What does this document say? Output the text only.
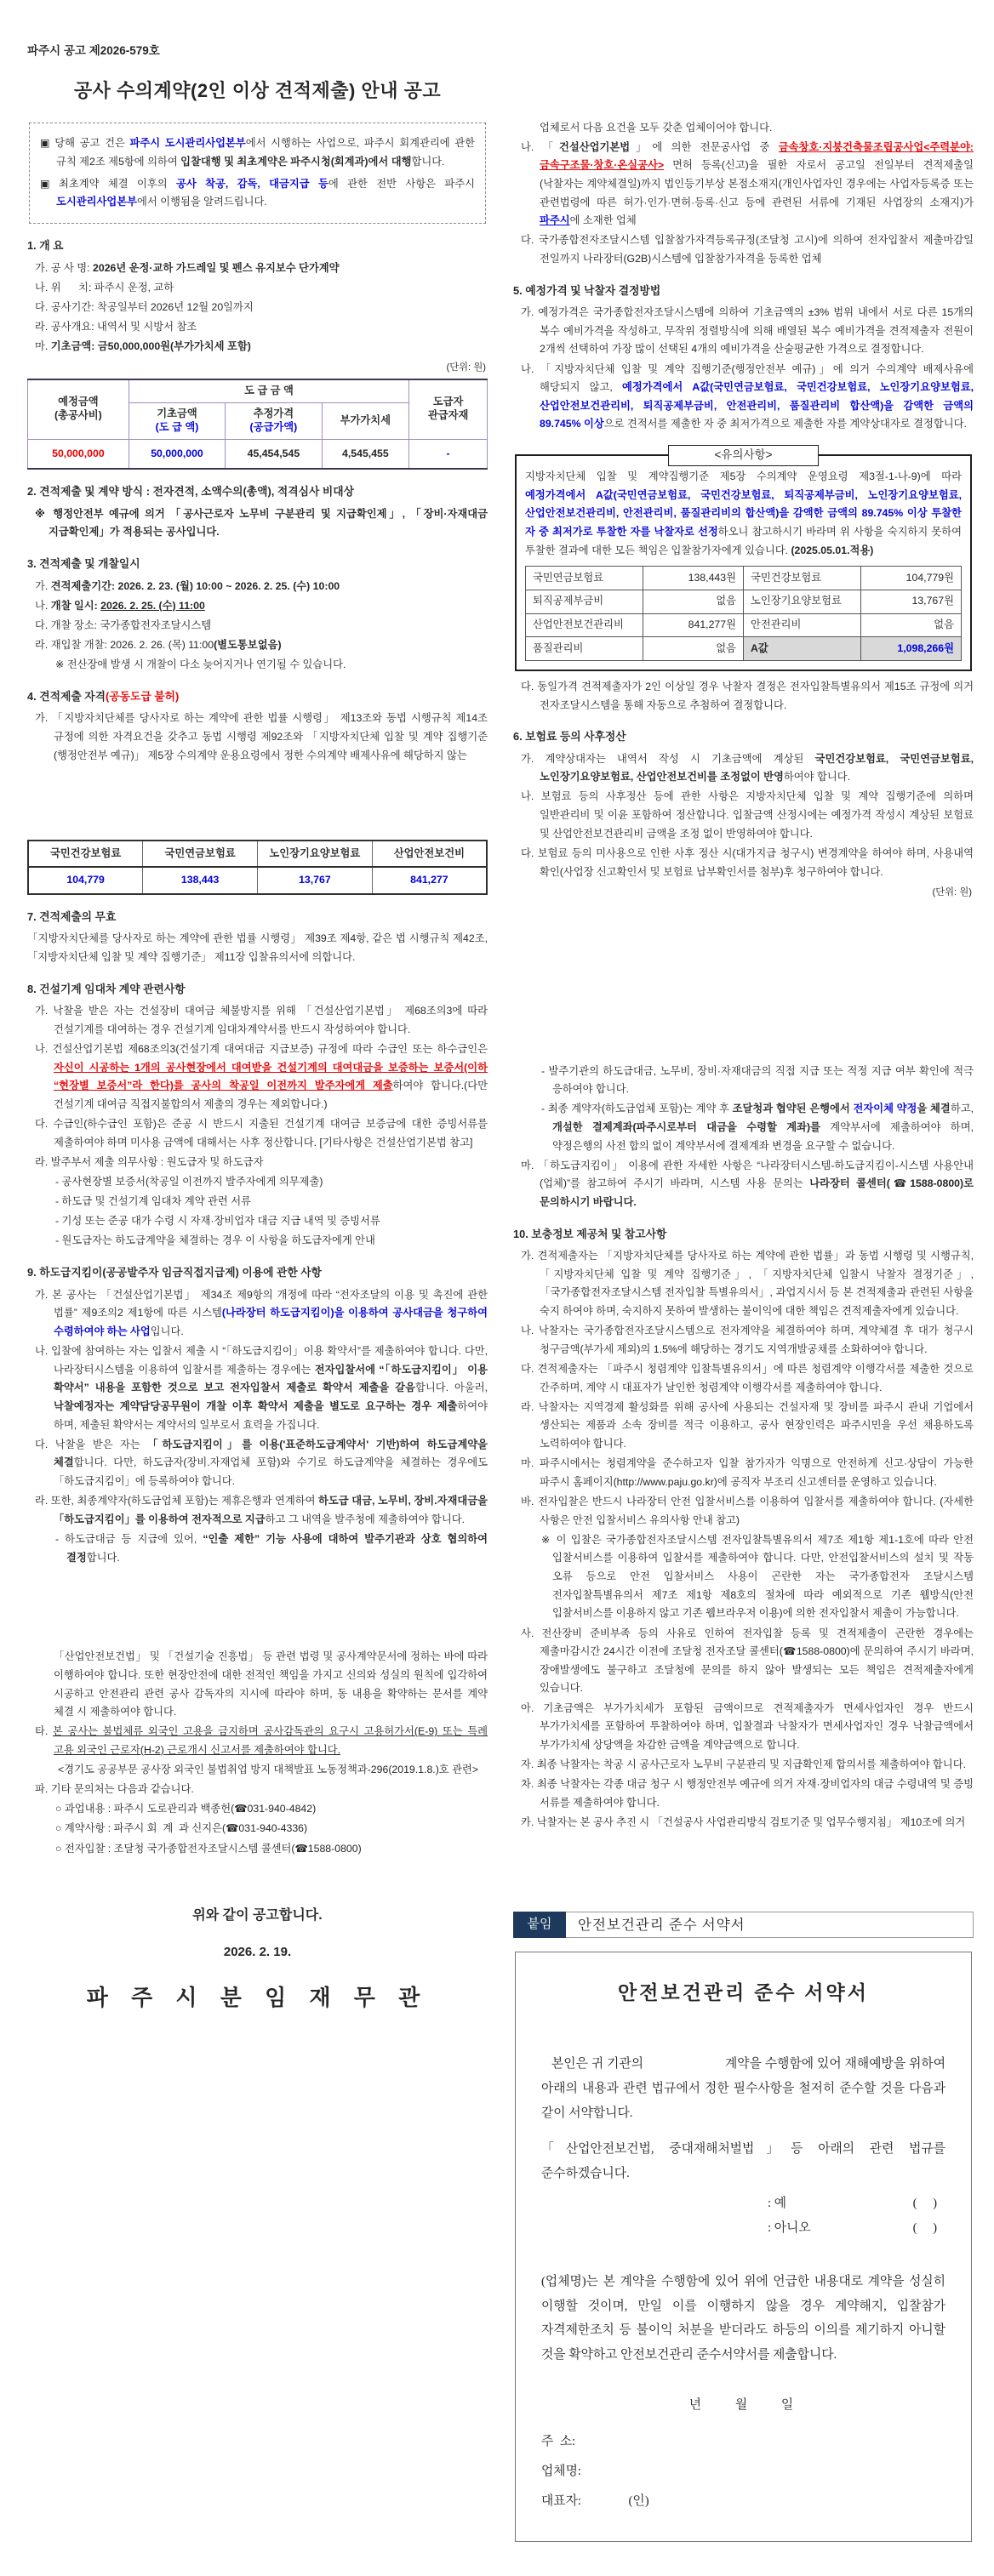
파주시 공고 제2026-579호
공사 수의계약(2인 이상 견적제출) 안내 공고
▣ 당해 공고 건은 파주시 도시관리사업본부에서 시행하는 사업으로, 파주시 회계관리에 관한 규칙 제2조 제5항에 의하여 입찰대행 및 최초계약은 파주시청(회계과)에서 대행합니다.
▣ 최초계약 체결 이후의 공사 착공, 감독, 대금지급 등에 관한 전반 사항은 파주시 도시관리사업본부에서 이행됨을 알려드립니다.
1. 개 요
가. 공 사 명: 2026년 운정·교하 가드레일 및 펜스 유지보수 단가계약
나. 위      치: 파주시 운정, 교하
다. 공사기간: 착공일부터 2026년 12월 20일까지
라. 공사개요: 내역서 및 시방서 참조
마. 기초금액: 금50,000,000원(부가가치세 포함)
(단위: 원)
예정금액
(총공사비)	도 급 금 액			도급자
관급자재

	기초금액
(도 급 액)	추정가격
(공급가액)	부가가치세	
50,000,000	50,000,000	45,454,545	4,545,455	-
2. 견적제출 및 계약 방식 : 전자견적, 소액수의(총액), 적격심사 비대상
※ 행정안전부 예규에 의거 「공사근로자 노무비 구분관리 및 지급확인제」, 「장비·자재대금 지급확인제」가 적용되는 공사입니다.
3. 견적제출 및 개찰일시
가. 견적제출기간: 2026. 2. 23. (월) 10:00 ~ 2026. 2. 25. (수) 10:00
나. 개찰 일시: 2026. 2. 25. (수) 11:00
다. 개찰 장소: 국가종합전자조달시스템
라. 재입찰 개찰: 2026. 2. 26. (목) 11:00(별도통보없음)
※ 전산장애 발생 시 개찰이 다소 늦어지거나 연기될 수 있습니다.
4. 견적제출 자격(공동도급 불허)
가. 「지방자치단체를 당사자로 하는 계약에 관한 법률 시행령」 제13조와 동법 시행규칙 제14조 규정에 의한 자격요건을 갖추고 동법 시행령 제92조와 「지방자치단체 입찰 및 계약 집행기준 (행정안전부 예규)」 제5장 수의계약 운용요령에서 정한 수의계약 배제사유에 해당하지 않는
국민건강보험료	국민연금보험료	노인장기요양보험료	산업안전보건비
104,779	138,443	13,767	841,277
7. 견적제출의 무효
「지방자치단체를 당사자로 하는 계약에 관한 법률 시행령」 제39조 제4항, 같은 법 시행규칙 제42조, 「지방자치단체 입찰 및 계약 집행기준」 제11장 입찰유의서에 의합니다.
8. 건설기계 임대차 계약 관련사항
가. 낙찰을 받은 자는 건설장비 대여금 체불방지를 위해 「건설산업기본법」 제68조의3에 따라 건설기계를 대여하는 경우 건설기계 임대차계약서를 반드시 작성하여야 합니다.
나. 건설산업기본법 제68조의3(건설기계 대여대금 지급보증) 규정에 따라 수급인 또는 하수급인은 자신이 시공하는 1개의 공사현장에서 대여받을 건설기계의 대여대금을 보증하는 보증서(이하 “현장별 보증서”라 한다)를 공사의 착공일 이전까지 발주자에게 제출하여야 합니다.(다만 건설기계 대여금 직접지불합의서 제출의 경우는 제외합니다.)
다. 수급인(하수급인 포함)은 준공 시 반드시 지출된 건설기계 대여금 보증금에 대한 증빙서류를 제출하여야 하며 미사용 금액에 대해서는 사후 정산합니다. [기타사항은 건설산업기본법 참고]
라. 발주부서 제출 의무사항 : 원도급자 및 하도급자
- 공사현장별 보증서(착공일 이전까지 발주자에게 의무제출)
- 하도급 및 건설기계 임대차 계약 관련 서류
- 기성 또는 준공 대가 수령 시 자재·장비업자 대금 지급 내역 및 증빙서류
- 원도급자는 하도급계약을 체결하는 경우 이 사항을 하도급자에게 안내
9. 하도급지킴이(공공발주자 임금직접지급제) 이용에 관한 사항
가. 본 공사는 「건설산업기본법」 제34조 제9항의 개정에 따라 “전자조달의 이용 및 촉진에 관한 법률” 제9조의2 제1항에 따른 시스템(나라장터 하도급지킴이)을 이용하여 공사대금을 청구하여 수령하여야 하는 사업입니다.
나. 입찰에 참여하는 자는 입찰서 제출 시 “「하도급지킴이」이용 확약서”를 제출하여야 합니다. 다만, 나라장터시스템을 이용하여 입찰서를 제출하는 경우에는 전자입찰서에 “「하도급지킴이」 이용 확약서” 내용을 포함한 것으로 보고 전자입찰서 제출로 확약서 제출을 갈음합니다. 아울러, 낙찰예정자는 계약담당공무원이 개찰 이후 확약서 제출을 별도로 요구하는 경우 제출하여야 하며, 제출된 확약서는 계약서의 일부로서 효력을 가집니다.
다. 낙찰을 받은 자는 「하도급지킴이」를 이용('표준하도급계약서' 기반)하여 하도급계약을 체결합니다. 다만, 하도급자(장비.자재업체 포함)와 수기로 하도급계약을 체결하는 경우에도 「하도급지킴이」에 등록하여야 합니다.
라. 또한, 최종계약자(하도급업체 포함)는 제휴은행과 연계하여 하도급 대금, 노무비, 장비.자재대금을 「하도급지킴이」를 이용하여 전자적으로 지급하고 그 내역을 발주청에 제출하여야 합니다.
- 하도급대금 등 지급에 있어, “인출 제한” 기능 사용에 대하여 발주기관과 상호 협의하여 결정합니다.
「산업안전보건법」 및 「건설기술 진흥법」 등 관련 법령 및 공사계약문서에 정하는 바에 따라 이행하여야 합니다. 또한 현장안전에 대한 전적인 책임을 가지고 신의와 성실의 원칙에 입각하여 시공하고 안전관리 관련 공사 감독자의 지시에 따라야 하며, 동 내용을 확약하는 문서를 계약 체결 시 제출하여야 합니다.
타. 본 공사는 불법체류 외국인 고용을 금지하며 공사감독관의 요구시 고용허가서(E-9) 또는 특례 고용 외국인 근로자(H-2) 근로개시 신고서를 제출하여야 합니다.
<경기도 공공부문 공사장 외국인 불법취업 방지 대책발표 노동정책과-296(2019.1.8.)호 관련>
파. 기타 문의처는 다음과 같습니다.
○ 과업내용 : 파주시 도로관리과 백종헌(☎031-940-4842)
○ 계약사항 : 파주시 회  계  과 신지은(☎031-940-4336)
○ 전자입찰 : 조달청 국가종합전자조달시스템 콜센터(☎1588-0800)
위와 같이 공고합니다.
2026. 2. 19.
파 주 시 분 임 재 무 관
업체로서 다음 요건을 모두 갖춘 업체이어야 합니다.
나. 「건설산업기본법」에 의한 전문공사업 중 금속창호·지붕건축물조립공사업<주력분야: 금속구조물·창호·온실공사> 면허 등록(신고)을 필한 자로서 공고일 전일부터 견적제출일(낙찰자는 계약체결일)까지 법인등기부상 본점소재지(개인사업자인 경우에는 사업자등록증 또는 관련법령에 따른 허가·인가·면허·등록·신고 등에 관련된 서류에 기재된 사업장의 소재지)가 파주시에 소재한 업체
다. 국가종합전자조달시스템 입찰참가자격등록규정(조달청 고시)에 의하여 전자입찰서 제출마감일 전일까지 나라장터(G2B)시스템에 입찰참가자격을 등록한 업체
5. 예정가격 및 낙찰자 결정방법
가. 예정가격은 국가종합전자조달시스템에 의하여 기초금액의 ±3% 범위 내에서 서로 다른 15개의 복수 예비가격을 작성하고, 무작위 정렬방식에 의해 배열된 복수 예비가격을 견적제출자 전원이 2개씩 선택하여 가장 많이 선택된 4개의 예비가격을 산술평균한 가격으로 결정합니다.
나. 「지방자치단체 입찰 및 계약 집행기준(행정안전부 예규)」에 의거 수의계약 배제사유에 해당되지 않고, 예정가격에서 A값(국민연금보험료, 국민건강보험료, 노인장기요양보험료, 산업안전보건관리비, 퇴직공제부금비, 안전관리비, 품질관리비 합산액)을 감액한 금액의 89.745% 이상으로 견적서를 제출한 자 중 최저가격으로 제출한 자를 계약상대자로 결정합니다.
<유의사항>
지방자치단체 입찰 및 계약집행기준 제5장 수의계약 운영요령 제3절-1-나-9)에 따라 예정가격에서 A값(국민연금보험료, 국민건강보험료, 퇴직공제부금비, 노인장기요양보험료, 산업안전보건관리비, 안전관리비, 품질관리비의 합산액)을 감액한 금액의 89.745% 이상 투찰한 자 중 최저가로 투찰한 자를 낙찰자로 선정하오니 참고하시기 바라며 위 사항을 숙지하지 못하여 투찰한 결과에 대한 모든 책임은 입찰참가자에게 있습니다. (2025.05.01.적용)
국민연금보험료	138,443원	국민건강보험료	104,779원
퇴직공제부금비	없음	노인장기요양보험료	13,767원
산업안전보건관리비	841,277원	안전관리비	없음
품질관리비	없음	A값	1,098,266원
다. 동일가격 견적제출자가 2인 이상일 경우 낙찰자 결정은 전자입찰특별유의서 제15조 규정에 의거 전자조달시스템을 통해 자동으로 추첨하여 결정합니다.
6. 보험료 등의 사후정산
가. 계약상대자는 내역서 작성 시 기초금액에 계상된 국민건강보험료, 국민연금보험료, 노인장기요양보험료, 산업안전보건비를 조정없이 반영하여야 합니다.
나. 보험료 등의 사후정산 등에 관한 사항은 지방자치단체 입찰 및 계약 집행기준에 의하며 일반관리비 및 이윤 포함하여 정산합니다. 입찰금액 산정시에는 예정가격 작성시 계상된 보험료 및 산업안전보건관리비 금액을 조정 없이 반영하여야 합니다.
다. 보험료 등의 미사용으로 인한 사후 정산 시(대가지급 청구시) 변경계약을 하여야 하며, 사용내역 확인(사업장 신고확인서 및 보험료 납부확인서를 첨부)후 청구하여야 합니다.
(단위: 원)
- 발주기관의 하도급대금, 노무비, 장비·자재대금의 직접 지급 또는 적정 지급 여부 확인에 적극 응하여야 합니다.
- 최종 계약자(하도급업체 포함)는 계약 후 조달청과 협약된 은행에서 전자이체 약정을 체결하고, 개설한 결제계좌(파주시로부터 대금을 수령할 계좌)를 계약부서에 제출하여야 하며, 약정은행의 사전 합의 없이 계약부서에 결제계좌 변경을 요구할 수 없습니다.
마. 「하도급지킴이」 이용에 관한 자세한 사항은 “나라장터시스템-하도급지킴이-시스템 사용안내(업체)”를 참고하여 주시기 바라며, 시스템 사용 문의는 나라장터 콜센터(☎1588-0800)로 문의하시기 바랍니다.
10. 보충정보 제공처 및 참고사항
가. 견적제출자는 「지방자치단체를 당사자로 하는 계약에 관한 법률」과 동법 시행령 및 시행규칙, 「지방자치단체 입찰 및 계약 집행기준」, 「지방자치단체 입찰시 낙찰자 결정기준」, 「국가종합전자조달시스템 전자입찰 특별유의서」, 과업지시서 등 본 견적제출과 관련된 사항을 숙지 하여야 하며, 숙지하지 못하여 발생하는 불이익에 대한 책임은 견적제출자에게 있습니다.
나. 낙찰자는 국가종합전자조달시스템으로 전자계약을 체결하여야 하며, 계약체결 후 대가 청구시 청구금액(부가세 제외)의 1.5%에 해당하는 경기도 지역개발공채를 소화하여야 합니다.
다. 견적제출자는 「파주시 청렴계약 입찰특별유의서」에 따른 청렴계약 이행각서를 제출한 것으로 간주하며, 계약 시 대표자가 날인한 청렴계약 이행각서를 제출하여야 합니다.
라. 낙찰자는 지역경제 활성화를 위해 공사에 사용되는 건설자재 및 장비를 파주시 관내 기업에서 생산되는 제품과 소속 장비를 적극 이용하고, 공사 현장인력은 파주시민을 우선 채용하도록 노력하여야 합니다.
마. 파주시에서는 청렴계약을 준수하고자 입찰 참가자가 익명으로 안전하게 신고·상담이 가능한 파주시 홈페이지(http://www.paju.go.kr)에 공직자 부조리 신고센터를 운영하고 있습니다.
바. 전자입찰은 반드시 나라장터 안전 입찰서비스를 이용하여 입찰서를 제출하여야 합니다. (자세한 사항은 안전 입찰서비스 유의사항 안내 참고)
※ 이 입찰은 국가종합전자조달시스템 전자입찰특별유의서 제7조 제1항 제1-1호에 따라 안전 입찰서비스를 이용하여 입찰서를 제출하여야 합니다. 다만, 안전입찰서비스의 설치 및 작동 오류 등으로 안전 입찰서비스 사용이 곤란한 자는 국가종합전자 조달시스템 전자입찰특별유의서 제7조 제1항 제8호의 절차에 따라 예외적으로 기존 웹방식(안전 입찰서비스를 이용하지 않고 기존 웹브라우저 이용)에 의한 전자입찰서 제출이 가능합니다.
사. 전산장비 준비부족 등의 사유로 인하여 전자입찰 등록 및 견적제출이 곤란한 경우에는 제출마감시간 24시간 이전에 조달청 전자조달 콜센터(☎1588-0800)에 문의하여 주시기 바라며, 장애발생에도 불구하고 조달청에 문의를 하지 않아 발생되는 모든 책임은 견적제출자에게 있습니다.
아. 기초금액은 부가가치세가 포함된 금액이므로 견적제출자가 면세사업자인 경우 반드시 부가가치세를 포함하여 투찰하여야 하며, 입찰결과 낙찰자가 면세사업자인 경우 낙찰금액에서 부가가치세 상당액을 차감한 금액을 계약금액으로 합니다.
자. 최종 낙찰자는 착공 시 공사근로자 노무비 구분관리 및 지급확인제 합의서를 제출하여야 합니다.
차. 최종 낙찰자는 각종 대금 청구 시 행정안전부 예규에 의거 자재·장비업자의 대금 수령내역 및 증빙 서류를 제출하여야 합니다.
카. 낙찰자는 본 공사 추진 시 「건설공사 사업관리방식 검토기준 및 업무수행지침」 제10조에 의거
붙임	안전보건관리 준수 서약서
안전보건관리 준수 서약서
본인은 귀 기관의                        계약을 수행함에 있어 재해예방을 위하여 아래의 내용과 관련 법규에서 정한 필수사항을 철저히 준수할 것을 다음과 같이 서약합니다.
「산업안전보건법, 중대재해처벌법」등 아래의 관련 법규를 준수하겠습니다.
: 예	(     )
: 아니오	(     )
(업체명)는 본 계약을 수행함에 있어 위에 언급한 내용대로 계약을 성실히 이행할 것이며, 만일 이를 이행하지 않을 경우 계약해지, 입찰참가 자격제한조치 등 불이익 처분을 받더라도 하등의 이의를 제기하지 아니할 것을 확약하고 안전보건관리 준수서약서를 제출합니다.
년    월    일
주  소:
업체명:
대표자:               (인)
